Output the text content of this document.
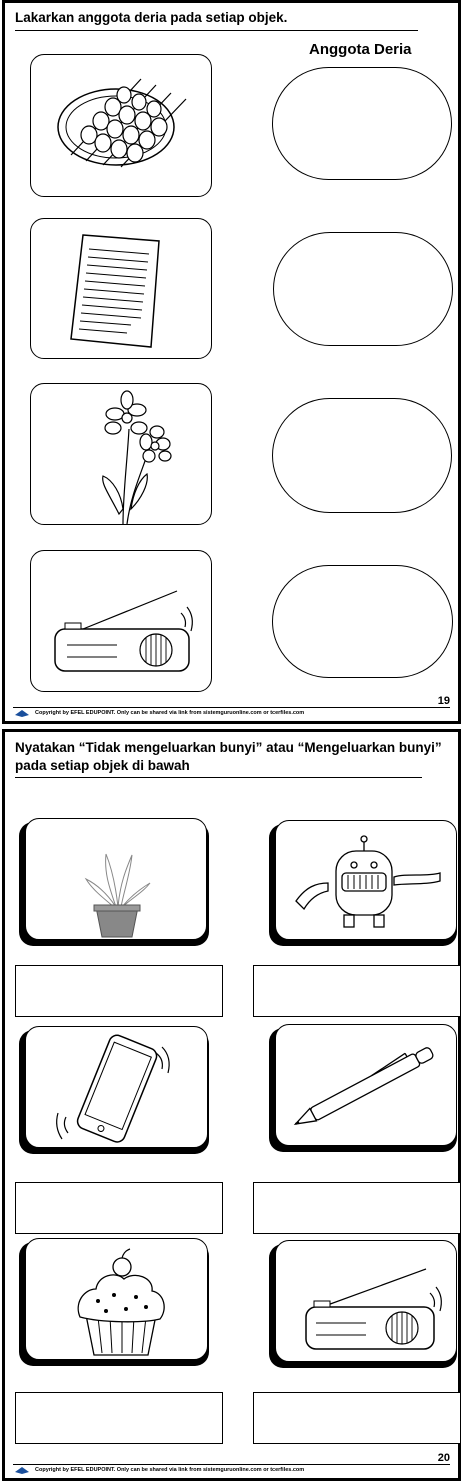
Lakarkan anggota deria pada setiap objek.
Anggota Deria
19
Copyright by EFEL EDUPOINT. Only can be shared via link from sistemguruonline.com or tcerfiles.com
Nyatakan “Tidak mengeluarkan bunyi” atau “Mengeluarkan bunyi”
pada setiap objek di bawah
20
Copyright by EFEL EDUPOINT. Only can be shared via link from sistemguruonline.com or tcerfiles.com
